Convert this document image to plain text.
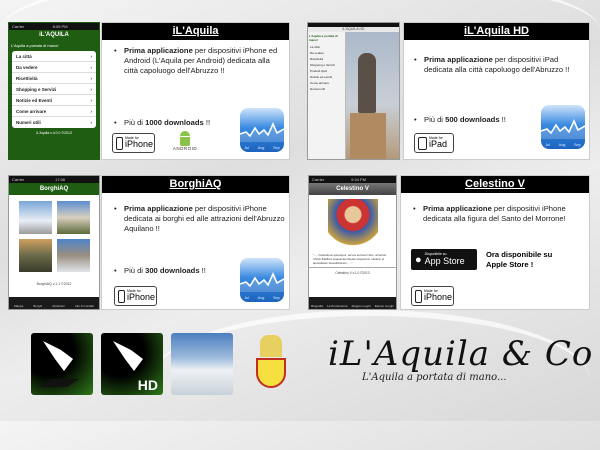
Carrier	8:05 PM
iL'AQUILA
L'Aquila a portata di mano!
La città	›
Da vedere	›
Ricettività	›
Shopping e Servizi	›
Notizie ed Eventi	›
Come arrivare	›
Numeri utili	›
iL'Aquila v.4.0.0 ©2013
iL'Aquila
• Prima applicazione per dispositivi iPhone ed Android (L'Aquila per Android) dedicata alla città capoluogo dell'Abruzzo !!
• Più di 1000 downloads !!
Made for
iPhone	ANDROID	Jul Aug Sep
iL'AQUILA HD
L'Aquila a portata di mano!
La città
Da vedere
Ricettività
Shopping e Servizi
Prodotti tipici
Notizie ed eventi
Come arrivare
Numeri utili
iL'Aquila HD
• Prima applicazione per dispositivi iPad dedicata alla città capoluogo dell'Abruzzo !!
• Più di 500 downloads !!
Made for
iPad	Jul Aug Sep
Carrier	17:06
BorghiAQ
BorghiAQ v.1.1 ©2012
Mappa	Borghi	Attrazioni	Info & Contatti
BorghiAQ
• Prima applicazione per dispositivi iPhone dedicata ai borghi ed alle attrazioni dell'Abruzzo Aquilano !!
• Più di 300 downloads !!
Made for
iPhone	Jul Aug Sep
Carrier	9:34 PM
Celestino V
"......Cœlestinus episcopus, servus servorum Dei, universis Christi fidelibus praesentes litteras inspecturis, salutem et apostolicam benedictionem......"
Celestino V v.1.0 ©2013
Biografia La Perdonanza Mappa Luoghi Elenco Luoghi
Celestino V
• Prima applicazione per dispositivi iPhone dedicata alla figura del Santo del Morrone!
● Disponibile su
App Store
Ora disponibile su Apple Store !
Made for
iPhone
HD
iL'Aquila & Co
L'Aquila a portata di mano...
